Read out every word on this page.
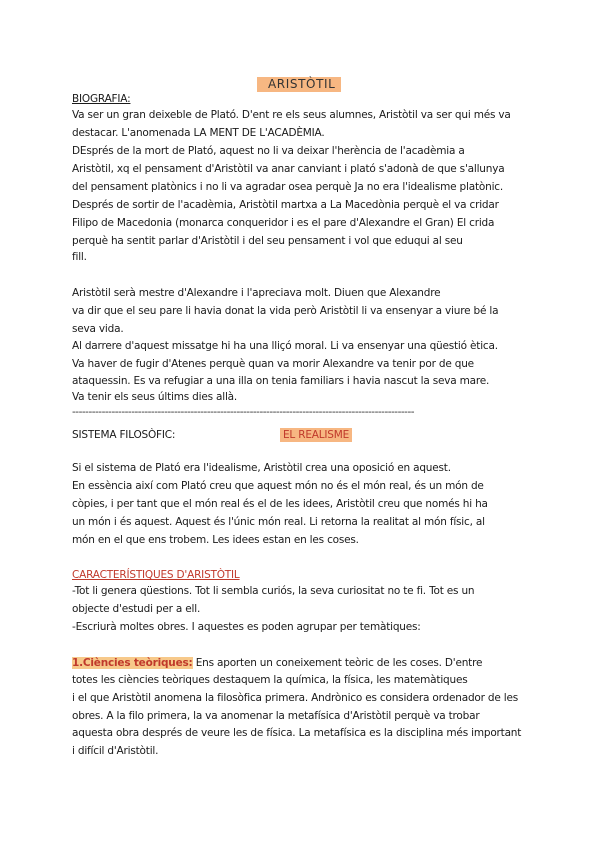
ARISTÒTIL
BIOGRAFIA:
Va ser un gran deixeble de Plató. D'ent re els seus alumnes, Aristòtil va ser qui més va
destacar. L'anomenada LA MENT DE L'ACADÈMIA.
DEsprés de la mort de Plató, aquest no li va deixar l'herència de l'acadèmia a
Aristòtil, xq el pensament d'Aristòtil va anar canviant i plató s'adonà de que s'allunya
del pensament platònics i no li va agradar osea perquè Ja no era l'idealisme platònic.
Després de sortir de l'acadèmia, Aristòtil martxa a La Macedònia perquè el va cridar
Filipo de Macedonia (monarca conqueridor i es el pare d'Alexandre el Gran) El crida
perquè ha sentit parlar d'Aristòtil i del seu pensament i vol que eduqui al seu
fill.
Aristòtil serà mestre d'Alexandre i l'apreciava molt. Diuen que Alexandre
va dir que el seu pare li havia donat la vida però Aristòtil li va ensenyar a viure bé la
seva vida.
Al darrere d'aquest missatge hi ha una lliçó moral. Li va ensenyar una qüestió ètica.
Va haver de fugir d'Atenes perquè quan va morir Alexandre va tenir por de que
ataquessin. Es va refugiar a una illa on tenia familiars i havia nascut la seva mare.
Va tenir els seus últims dies allà.
--------------------------------------------------------------------------------------------------------
SISTEMA FILOSÒFIC:	EL REALISME
Si el sistema de Plató era l'idealisme, Aristòtil crea una oposició en aquest.
En essència així com Plató creu que aquest món no és el món real, és un món de
còpies, i per tant que el món real és el de les idees, Aristòtil creu que només hi ha
un món i és aquest. Aquest és l'únic món real. Li retorna la realitat al món físic, al
món en el que ens trobem. Les idees estan en les coses.
CARACTERÍSTIQUES D'ARISTÒTIL
-Tot li genera qüestions. Tot li sembla curiós, la seva curiositat no te fi. Tot es un
objecte d'estudi per a ell.
-Escriurà moltes obres. I aquestes es poden agrupar per temàtiques:
1.Ciències teòriques: Ens aporten un coneixement teòric de les coses. D'entre
totes les ciències teòriques destaquem la química, la física, les matemàtiques
i el que Aristòtil anomena la filosòfica primera. Andrònico es considera ordenador de les
obres. A la filo primera, la va anomenar la metafísica d'Aristòtil perquè va trobar
aquesta obra després de veure les de física. La metafísica es la disciplina més important
i difícil d'Aristòtil.
